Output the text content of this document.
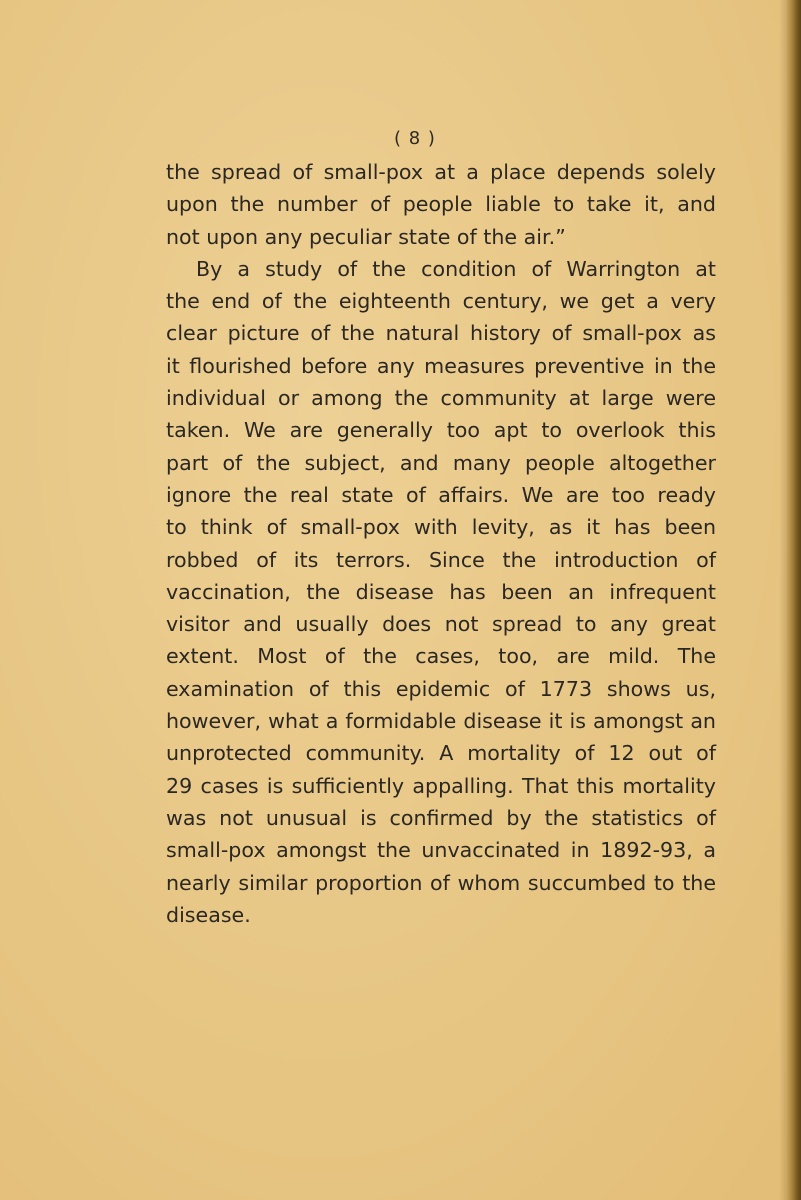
( 8 )
the spread of small-pox at a place depends solely
upon the number of people liable to take it, and
not upon any peculiar state of the air.”
By a study of the condition of Warrington at
the end of the eighteenth century, we get a very
clear picture of the natural history of small-pox as
it flourished before any measures preventive in the
individual or among the community at large were
taken. We are generally too apt to overlook this
part of the subject, and many people altogether
ignore the real state of affairs. We are too ready
to think of small-pox with levity, as it has been
robbed of its terrors. Since the introduction of
vaccination, the disease has been an infrequent
visitor and usually does not spread to any great
extent. Most of the cases, too, are mild. The
examination of this epidemic of 1773 shows us,
however, what a formidable disease it is amongst an
unprotected community. A mortality of 12 out of
29 cases is sufficiently appalling. That this mortality
was not unusual is confirmed by the statistics of
small-pox amongst the unvaccinated in 1892-93, a
nearly similar proportion of whom succumbed to the
disease.
